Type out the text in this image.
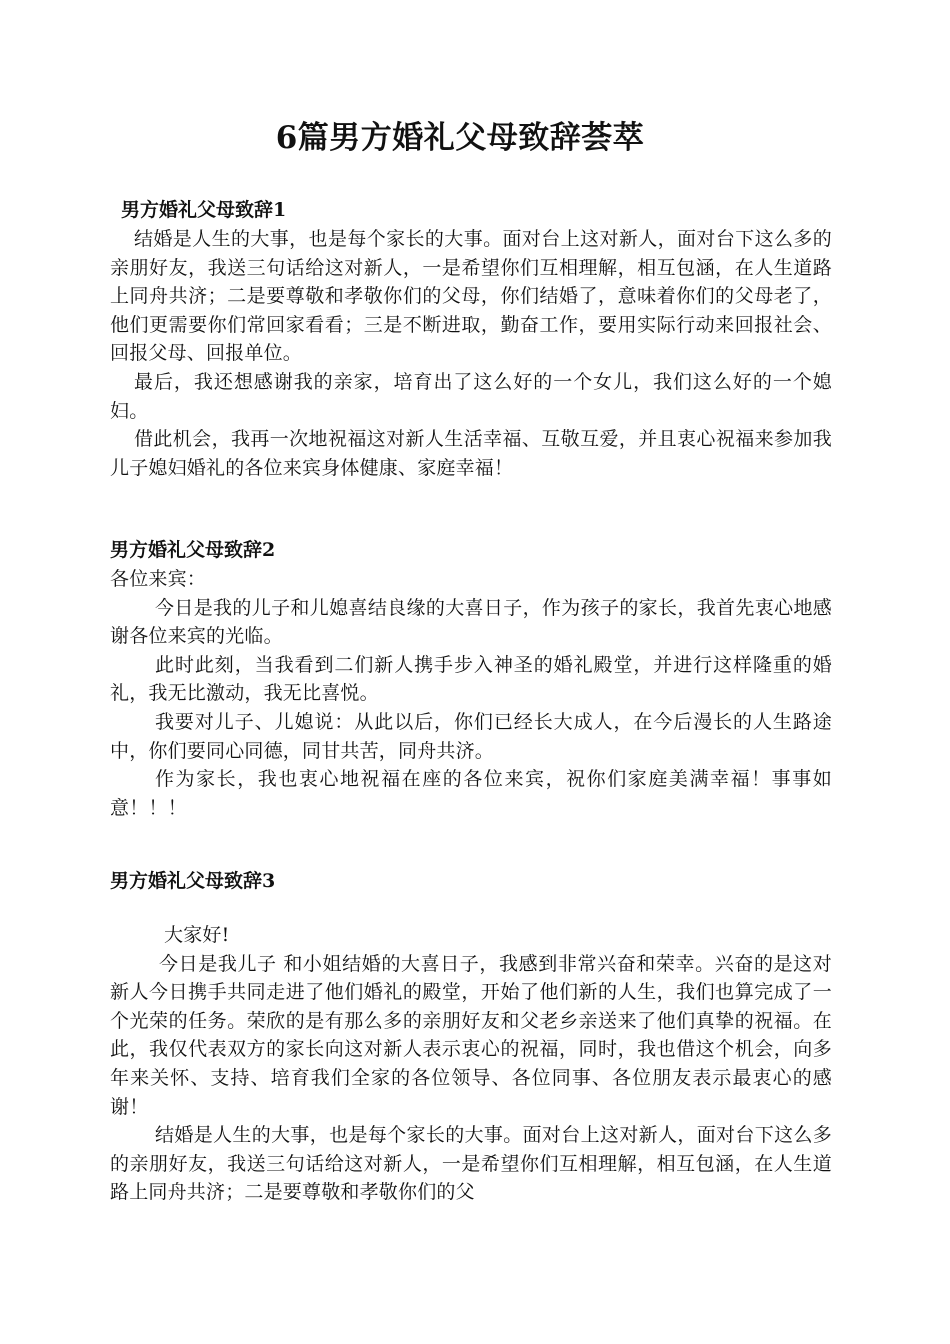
6篇男方婚礼父母致辞荟萃

男方婚礼父母致辞1

结婚是人生的大事，也是每个家长的大事。面对台上这对新人，面对台下这么多的亲朋好友，我送三句话给这对新人，一是希望你们互相理解，相互包涵，在人生道路上同舟共济；二是要尊敬和孝敬你们的父母，你们结婚了，意味着你们的父母老了，他们更需要你们常回家看看；三是不断进取，勤奋工作，要用实际行动来回报社会、回报父母、回报单位。

最后，我还想感谢我的亲家，培育出了这么好的一个女儿，我们这么好的一个媳妇。

借此机会，我再一次地祝福这对新人生活幸福、互敬互爱，并且衷心祝福来参加我儿子媳妇婚礼的各位来宾身体健康、家庭幸福！

男方婚礼父母致辞2

各位来宾：

今日是我的儿子和儿媳喜结良缘的大喜日子，作为孩子的家长，我首先衷心地感谢各位来宾的光临。

此时此刻，当我看到二们新人携手步入神圣的婚礼殿堂，并进行这样隆重的婚礼，我无比激动，我无比喜悦。

我要对儿子、儿媳说：从此以后，你们已经长大成人，在今后漫长的人生路途中，你们要同心同德，同甘共苦，同舟共济。

作为家长，我也衷心地祝福在座的各位来宾，祝你们家庭美满幸福！事事如意！！！

男方婚礼父母致辞3

大家好!

今日是我儿子 和小姐结婚的大喜日子，我感到非常兴奋和荣幸。兴奋的是这对新人今日携手共同走进了他们婚礼的殿堂，开始了他们新的人生，我们也算完成了一个光荣的任务。荣欣的是有那么多的亲朋好友和父老乡亲送来了他们真挚的祝福。在此，我仅代表双方的家长向这对新人表示衷心的祝福，同时，我也借这个机会，向多年来关怀、支持、培育我们全家的各位领导、各位同事、各位朋友表示最衷心的感谢！

结婚是人生的大事，也是每个家长的大事。面对台上这对新人，面对台下这么多的亲朋好友，我送三句话给这对新人，一是希望你们互相理解，相互包涵，在人生道路上同舟共济；二是要尊敬和孝敬你们的父
